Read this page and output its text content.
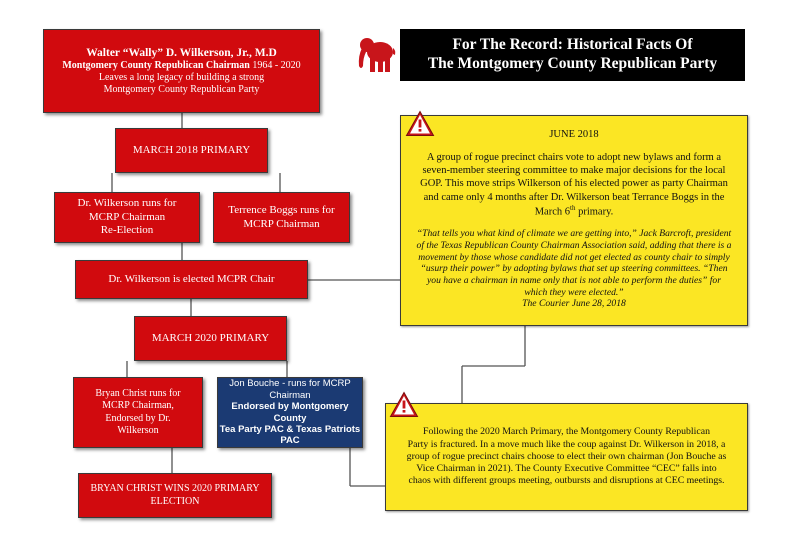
For The Record: Historical Facts Of
The Montgomery County Republican Party
Walter “Wally” D. Wilkerson, Jr., M.D
Montgomery County Republican Chairman 1964 - 2020
Leaves a long legacy of building a strong
Montgomery County Republican Party
MARCH 2018 PRIMARY
Dr. Wilkerson runs for
MCRP Chairman
Re-Election
Terrence Boggs runs for
MCRP Chairman
Dr. Wilkerson is elected MCPR Chair
MARCH 2020 PRIMARY
Bryan Christ runs for
MCRP Chairman,
Endorsed by Dr.
Wilkerson
Jon Bouche - runs for MCRP
Chairman
Endorsed by Montgomery County
Tea Party PAC & Texas Patriots
PAC
BRYAN CHRIST WINS 2020 PRIMARY
ELECTION
JUNE 2018
A group of rogue precinct chairs vote to adopt new bylaws and form a
seven-member steering committee to make major decisions for the local
GOP. This move strips Wilkerson of his elected power as party Chairman
and came only 4 months after Dr. Wilkerson beat Terrance Boggs in the
March 6th primary.
“That tells you what kind of climate we are getting into,” Jack Barcroft, president
of the Texas Republican County Chairman Association said, adding that there is a
movement by those whose candidate did not get elected as county chair to simply
“usurp their power” by adopting bylaws that set up steering committees. “Then
you have a chairman in name only that is not able to perform the duties” for
which they were elected.”
The Courier June 28, 2018
Following the 2020 March Primary, the Montgomery County Republican
Party is fractured. In a move much like the coup against Dr. Wilkerson in 2018, a
group of rogue precinct chairs choose to elect their own chairman (Jon Bouche as
Vice Chairman in 2021). The County Executive Committee “CEC” falls into
chaos with different groups meeting, outbursts and disruptions at CEC meetings.
